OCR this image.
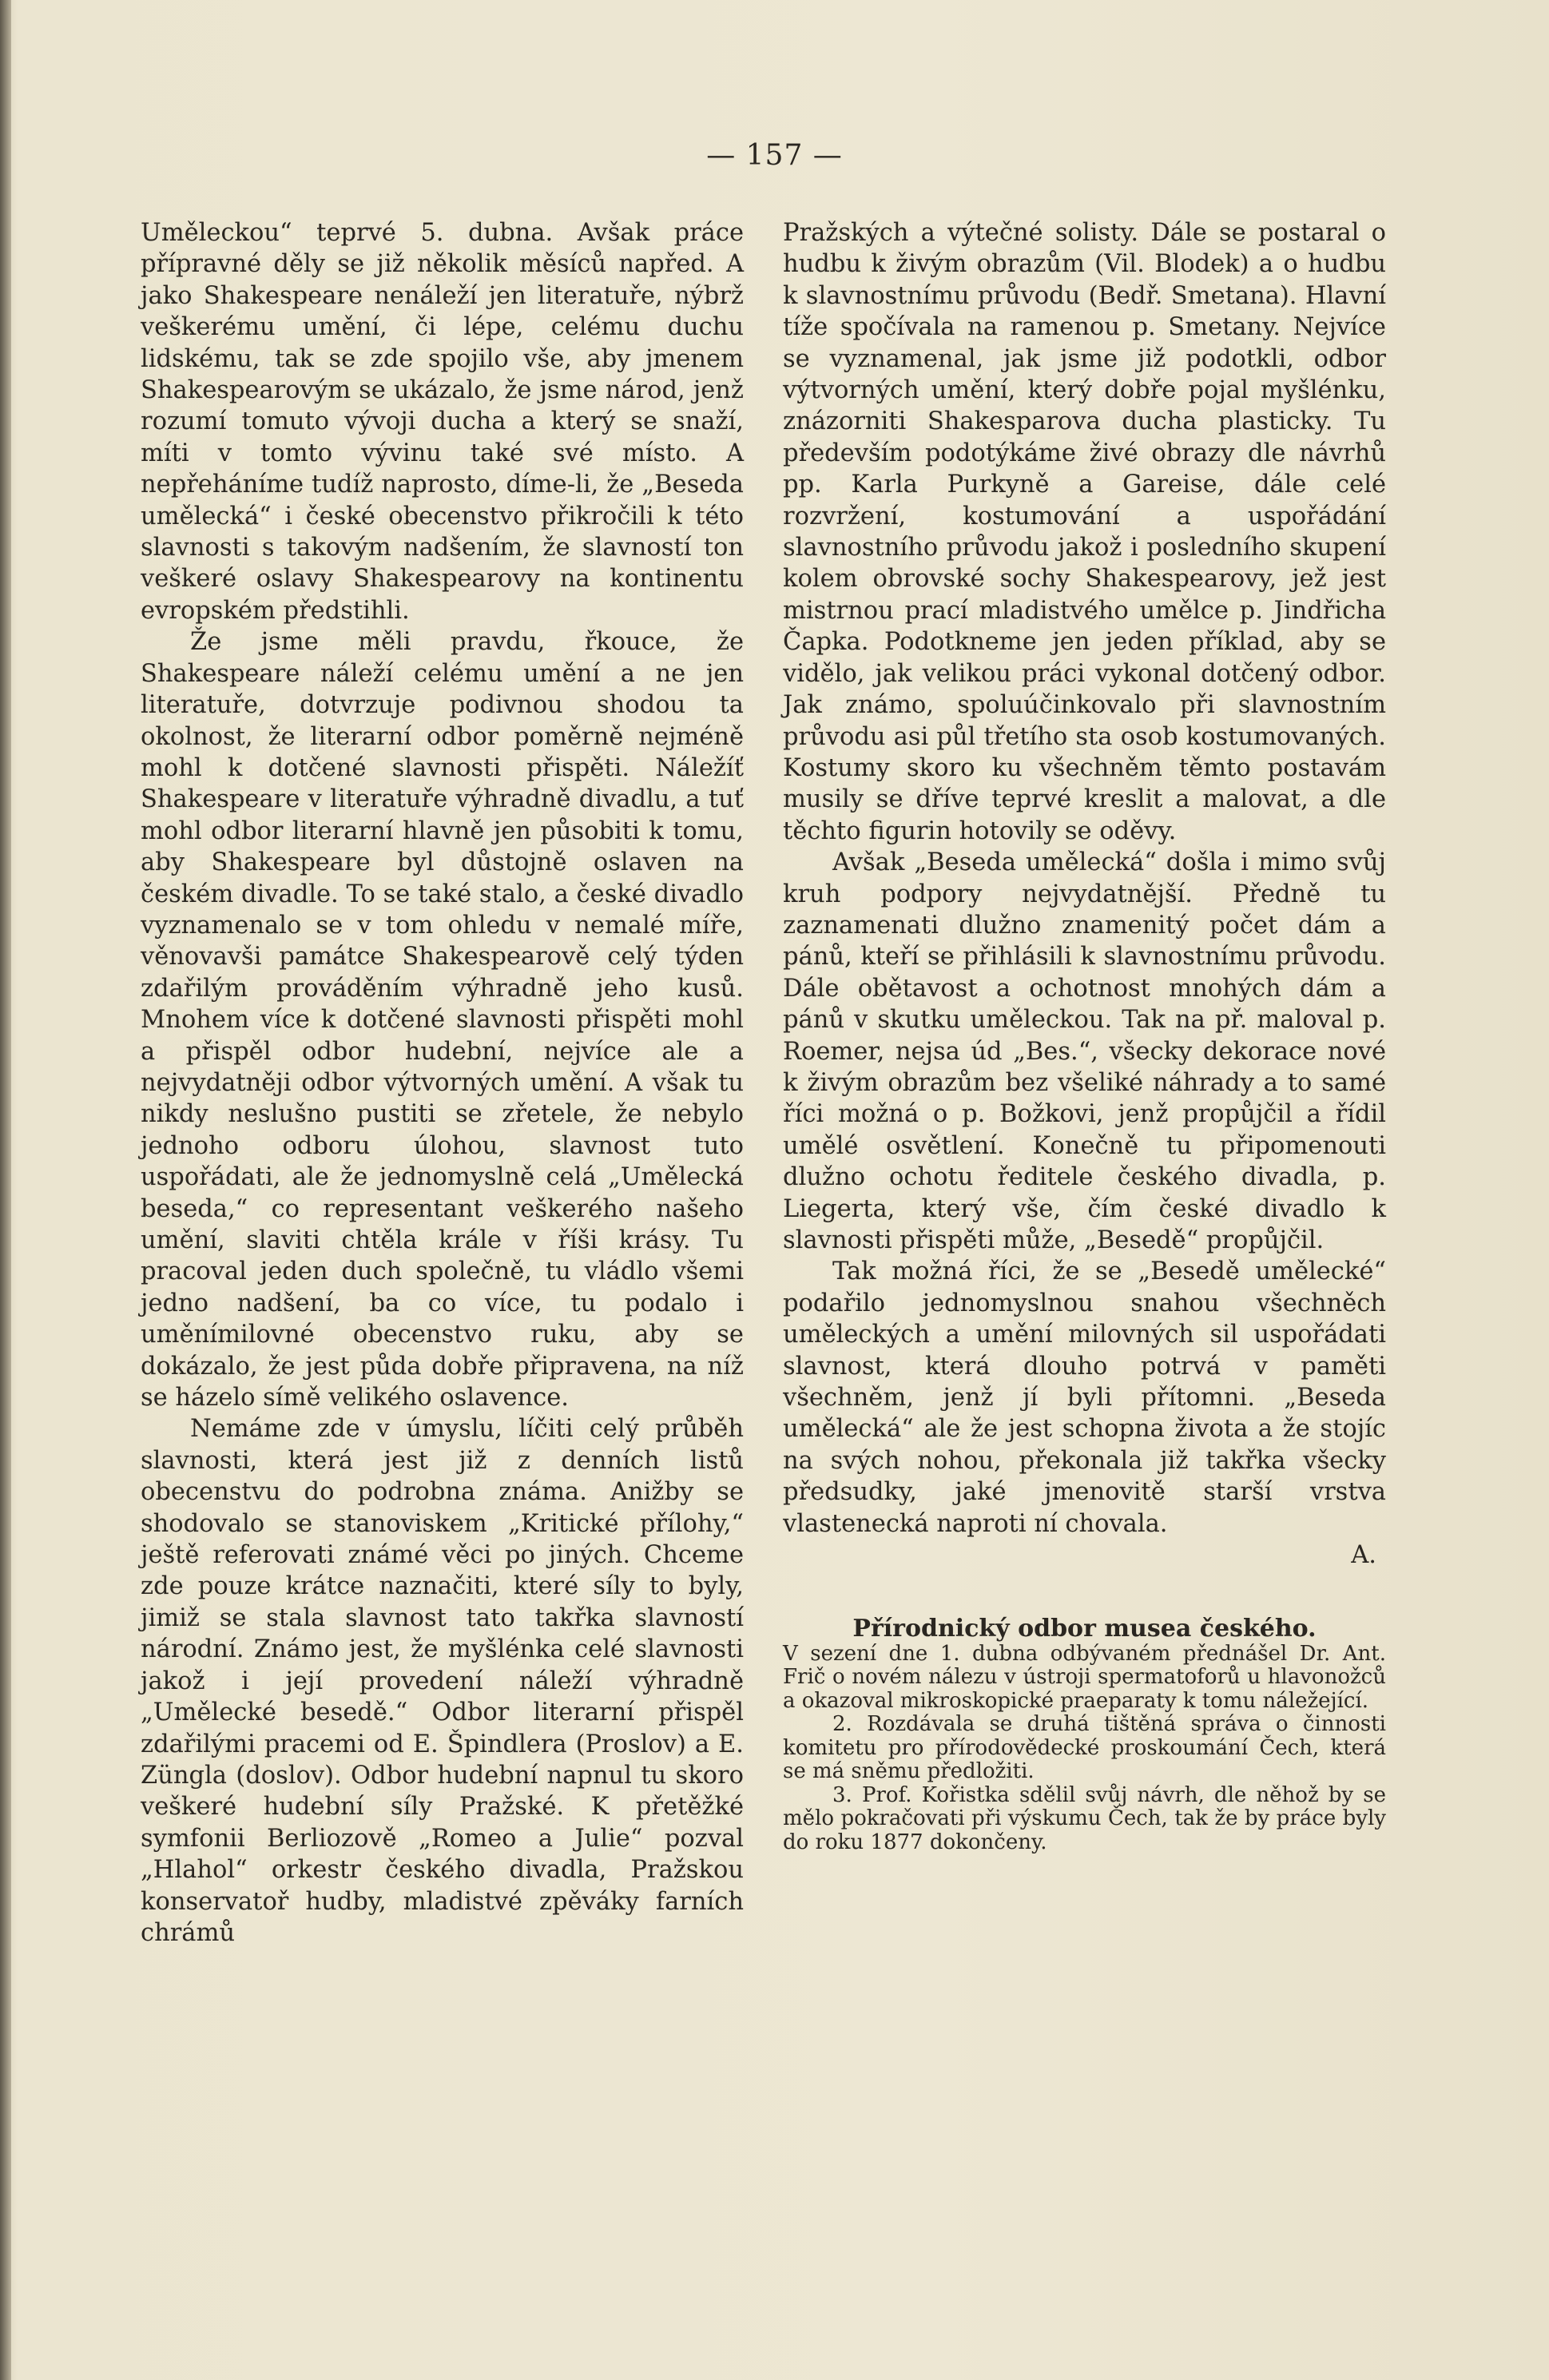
— 157 —

Uměleckou“ teprvé 5. dubna. Avšak práce přípravné děly se již několik měsíců napřed. A jako Shakespeare nenáleží jen literatuře, nýbrž veškerému umění, či lépe, celému duchu lidskému, tak se zde spojilo vše, aby jmenem Shakespearovým se ukázalo, že jsme národ, jenž rozumí tomuto vývoji ducha a který se snaží, míti v tomto vývinu také své místo. A nepřeháníme tudíž naprosto, díme-li, že „Beseda umělecká“ i české obecenstvo přikročili k této slavnosti s takovým nadšením, že slavností ton veškeré oslavy Shakespearovy na kontinentu evropském předstihli.

Že jsme měli pravdu, řkouce, že Shakespeare náleží celému umění a ne jen literatuře, dotvrzuje podivnou shodou ta okolnost, že literarní odbor poměrně nejméně mohl k dotčené slavnosti přispěti. Náležíť Shakespeare v literatuře výhradně divadlu, a tuť mohl odbor literarní hlavně jen působiti k tomu, aby Shakespeare byl důstojně oslaven na českém divadle. To se také stalo, a české divadlo vyznamenalo se v tom ohledu v nemalé míře, věnovavši památce Shakespearově celý týden zdařilým prováděním výhradně jeho kusů. Mnohem více k dotčené slavnosti přispěti mohl a přispěl odbor hudební, nejvíce ale a nejvydatněji odbor výtvorných umění. A však tu nikdy neslušno pustiti se zřetele, že nebylo jednoho odboru úlohou, slavnost tuto uspořádati, ale že jednomyslně celá „Umělecká beseda,“ co representant veškerého našeho umění, slaviti chtěla krále v říši krásy. Tu pracoval jeden duch společně, tu vládlo všemi jedno nadšení, ba co více, tu podalo i uměnímilovné obecenstvo ruku, aby se dokázalo, že jest půda dobře připravena, na níž se házelo símě velikého oslavence.

Nemáme zde v úmyslu, líčiti celý průběh slavnosti, která jest již z denních listů obecenstvu do podrobna známa. Anižby se shodovalo se stanoviskem „Kritické přílohy,“ ještě referovati známé věci po jiných. Chceme zde pouze krátce naznačiti, které síly to byly, jimiž se stala slavnost tato takřka slavností národní. Známo jest, že myšlénka celé slavnosti jakož i její provedení náleží výhradně „Umělecké besedě.“ Odbor literarní přispěl zdařilými pracemi od E. Špindlera (Proslov) a E. Züngla (doslov). Odbor hudební napnul tu skoro veškeré hudební síly Pražské. K přetěžké symfonii Berliozově „Romeo a Julie“ pozval „Hlahol“ orkestr českého divadla, Pražskou konservatoř hudby, mladistvé zpěváky farních chrámů

Pražských a výtečné solisty. Dále se postaral o hudbu k živým obrazům (Vil. Blodek) a o hudbu k slavnostnímu průvodu (Bedř. Smetana). Hlavní tíže spočívala na ramenou p. Smetany. Nejvíce se vyznamenal, jak jsme již podotkli, odbor výtvorných umění, který dobře pojal myšlénku, znázorniti Shakesparova ducha plasticky. Tu především podotýkáme živé obrazy dle návrhů pp. Karla Purkyně a Gareise, dále celé rozvržení, kostumování a uspořádání slavnostního průvodu jakož i posledního skupení kolem obrovské sochy Shakespearovy, jež jest mistrnou prací mladistvého umělce p. Jindřicha Čapka. Podotkneme jen jeden příklad, aby se vidělo, jak velikou práci vykonal dotčený odbor. Jak známo, spoluúčinkovalo při slavnostním průvodu asi půl třetího sta osob kostumovaných. Kostumy skoro ku všechněm těmto postavám musily se dříve teprvé kreslit a malovat, a dle těchto figurin hotovily se oděvy.

Avšak „Beseda umělecká“ došla i mimo svůj kruh podpory nejvydatnější. Předně tu zaznamenati dlužno znamenitý počet dám a pánů, kteří se přihlásili k slavnostnímu průvodu. Dále obětavost a ochotnost mnohých dám a pánů v skutku uměleckou. Tak na př. maloval p. Roemer, nejsa úd „Bes.“, všecky dekorace nové k živým obrazům bez všeliké náhrady a to samé říci možná o p. Božkovi, jenž propůjčil a řídil umělé osvětlení. Konečně tu připomenouti dlužno ochotu ředitele českého divadla, p. Liegerta, který vše, čím české divadlo k slavnosti přispěti může, „Besedě“ propůjčil.

Tak možná říci, že se „Besedě umělecké“ podařilo jednomyslnou snahou všechněch uměleckých a umění milovných sil uspořádati slavnost, která dlouho potrvá v paměti všechněm, jenž jí byli přítomni. „Beseda umělecká“ ale že jest schopna života a že stojíc na svých nohou, překonala již takřka všecky předsudky, jaké jmenovitě starší vrstva vlastenecká naproti ní chovala.

A.

Přírodnický odbor musea českého.

V sezení dne 1. dubna odbývaném přednášel Dr. Ant. Frič o novém nálezu v ústroji spermatoforů u hlavonožců a okazoval mikroskopické praeparaty k tomu náležející.

2. Rozdávala se druhá tištěná správa o činnosti komitetu pro přírodovědecké proskoumání Čech, která se má sněmu předložiti.

3. Prof. Kořistka sdělil svůj návrh, dle něhož by se mělo pokračovati při výskumu Čech, tak že by práce byly do roku 1877 dokončeny.
